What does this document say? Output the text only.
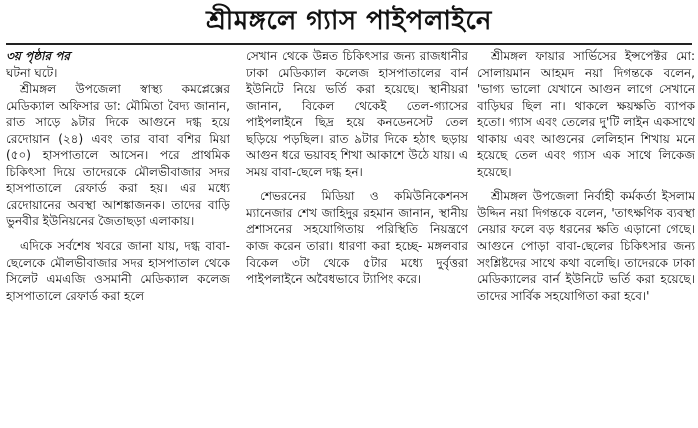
শ্রীমঙ্গলে গ্যাস পাইপলাইনে

৩য় পৃষ্ঠার পর

ঘটনা ঘটে।

শ্রীমঙ্গল উপজেলা স্বাস্থ্য কমপ্লেক্সের মেডিক্যাল অফিসার ডা: মৌমিতা বৈদ্য জানান, রাত সাড়ে ৯টার দিকে আগুনে দগ্ধ হয়ে রেদোয়ান (২৪) এবং তার বাবা বশির মিয়া (৫০) হাসপাতালে আসেন। পরে প্রাথমিক চিকিৎসা দিয়ে তাদেরকে মৌলভীবাজার সদর হাসপাতালে রেফার্ড করা হয়। এর মধ্যে রেদোয়ানের অবস্থা আশঙ্কাজনক। তাদের বাড়ি ভুনবীর ইউনিয়নের জৈতাছড়া এলাকায়।

এদিকে সর্বশেষ খবরে জানা যায়, দগ্ধ বাবা-ছেলেকে মৌলভীবাজার সদর হাসপাতাল থেকে সিলেট এমএজি ওসমানী মেডিক্যাল কলেজ হাসপাতালে রেফার্ড করা হলে

সেখান থেকে উন্নত চিকিৎসার জন্য রাজধানীর ঢাকা মেডিক্যাল কলেজ হাসপাতালের বার্ন ইউনিটে নিয়ে ভর্তি করা হয়েছে। স্থানীয়রা জানান, বিকেল থেকেই তেল-গ্যাসের পাইপলাইনে ছিদ্র হয়ে কনডেনসেট তেল ছড়িয়ে পড়ছিল। রাত ৯টার দিকে হঠাৎ ছড়ায় আগুন ধরে ভয়াবহ শিখা আকাশে উঠে যায়। এ সময় বাবা-ছেলে দগ্ধ হন।

শেভরনের মিডিয়া ও কমিউনিকেশনস ম্যানেজার শেখ জাহিদুর রহমান জানান, স্থানীয় প্রশাসনের সহযোগিতায় পরিস্থিতি নিয়ন্ত্রণে কাজ করেন তারা। ধারণা করা হচ্ছে- মঙ্গলবার বিকেল ৩টা থেকে ৫টার মধ্যে দুর্বৃত্তরা পাইপলাইনে অবৈধভাবে ট্যাপিং করে।

শ্রীমঙ্গল ফায়ার সার্ভিসের ইন্সপেক্টর মো: সোলায়মান আহমদ নয়া দিগন্তকে বলেন, 'ভাগ্য ভালো যেখানে আগুন লাগে সেখানে বাড়িঘর ছিল না। থাকলে ক্ষয়ক্ষতি ব্যাপক হতো। গ্যাস এবং তেলের দু'টি লাইন একসাথে থাকায় এবং আগুনের লেলিহান শিখায় মনে হয়েছে তেল এবং গ্যাস এক সাথে লিকেজ হয়েছে।

শ্রীমঙ্গল উপজেলা নির্বাহী কর্মকর্তা ইসলাম উদ্দিন নয়া দিগন্তকে বলেন, 'তাৎক্ষণিক ব্যবস্থা নেয়ার ফলে বড় ধরনের ক্ষতি এড়ানো গেছে। আগুনে পোড়া বাবা-ছেলের চিকিৎসার জন্য সংশ্লিষ্টদের সাথে কথা বলেছি। তাদেরকে ঢাকা মেডিক্যালের বার্ন ইউনিটে ভর্তি করা হয়েছে। তাদের সার্বিক সহযোগিতা করা হবে।'
